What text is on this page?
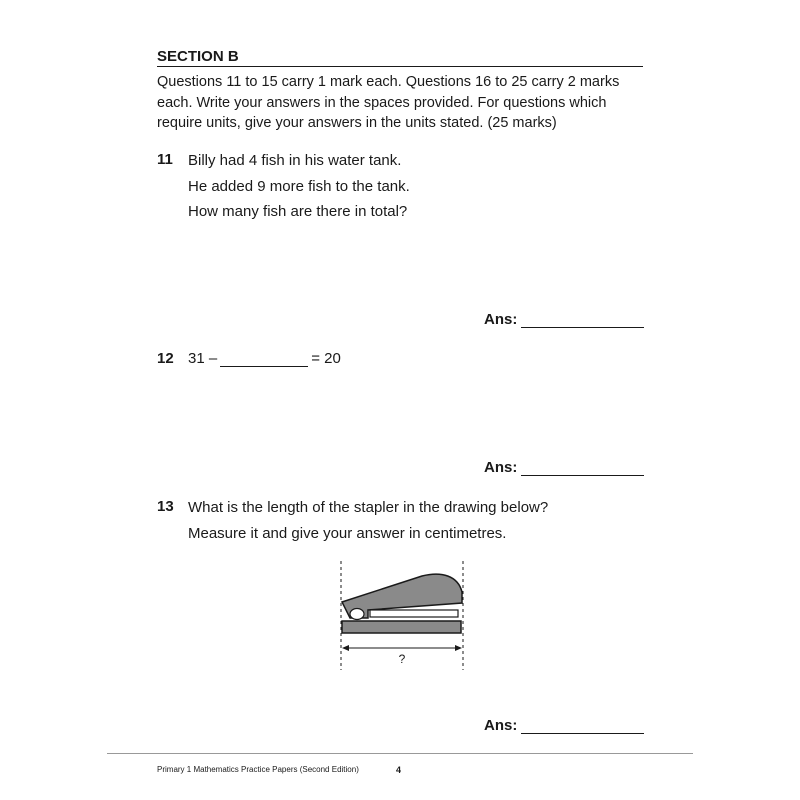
SECTION B
Questions 11 to 15 carry 1 mark each. Questions 16 to 25 carry 2 marks
each. Write your answers in the spaces provided. For questions which
require units, give your answers in the units stated. (25 marks)
11 Billy had 4 fish in his water tank.
He added 9 more fish to the tank.
How many fish are there in total?
Ans:
12 31 –	= 20
Ans:
13 What is the length of the stapler in the drawing below?
Measure it and give your answer in centimetres.
?
Ans:
Primary 1 Mathematics Practice Papers (Second Edition)	4
